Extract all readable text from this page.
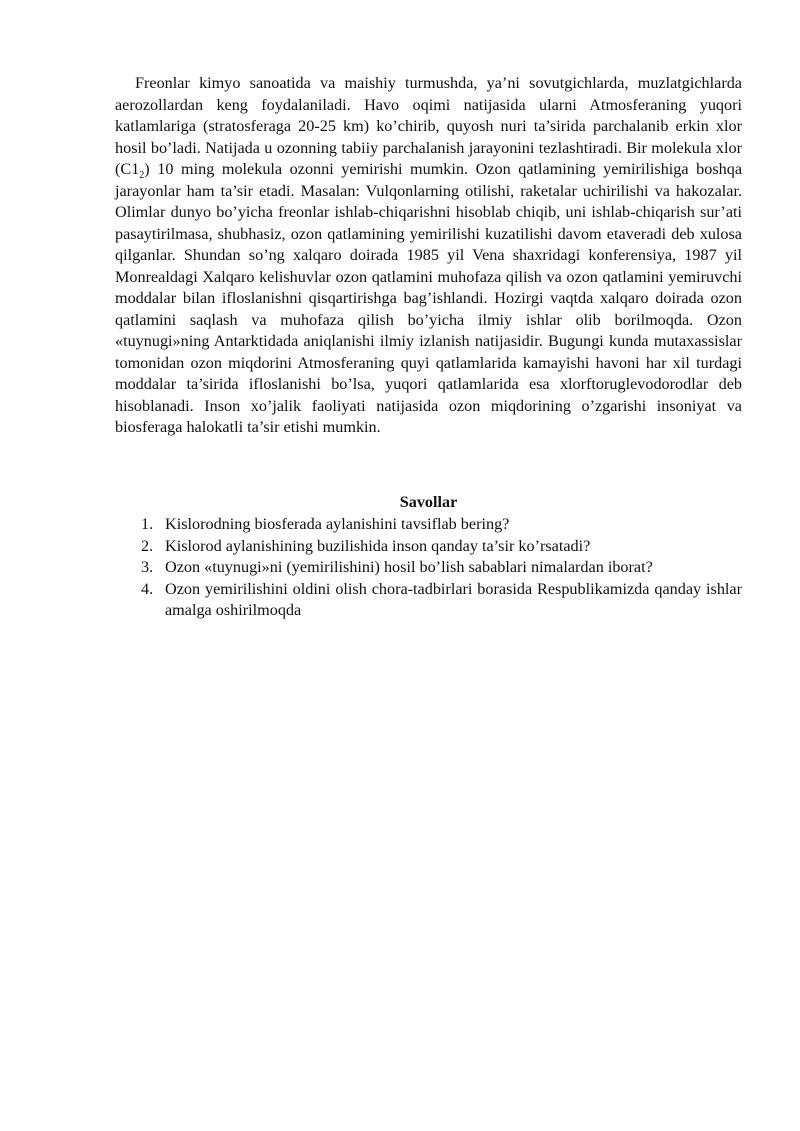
Freonlar kimyo sanoatida va maishiy turmushda, ya’ni sovutgichlarda, muzlatgichlarda aerozollardan keng foydalaniladi. Havo oqimi natijasida ularni Atmosferaning yuqori katlamlariga (stratosferaga 20-25 km) ko’chirib, quyosh nuri ta’sirida parchalanib erkin xlor hosil bo’ladi. Natijada u ozonning tabiiy parchalanish jarayonini tezlashtiradi. Bir molekula xlor $(C1_2)$ 10 ming molekula ozonni yemirishi mumkin. Ozon qatlamining yemirilishiga boshqa jarayonlar ham ta’sir etadi. Masalan: Vulqonlarning otilishi, raketalar uchirilishi va hakozalar. Olimlar dunyo bo’yicha freonlar ishlab-chiqarishni hisoblab chiqib, uni ishlab-chiqarish sur’ati pasaytirilmasa, shubhasiz, ozon qatlamining yemirilishi kuzatilishi davom etaveradi deb xulosa qilganlar. Shundan so’ng xalqaro doirada 1985 yil Vena shaxridagi konferensiya, 1987 yil Monrealdagi Xalqaro kelishuvlar ozon qatlamini muhofaza qilish va ozon qatlamini yemiruvchi moddalar bilan ifloslanishni qisqartirishga bag’ishlandi. Hozirgi vaqtda xalqaro doirada ozon qatlamini saqlash va muhofaza qilish bo’yicha ilmiy ishlar olib borilmoqda. Ozon «tuynugi»ning Antarktidada aniqlanishi ilmiy izlanish natijasidir. Bugungi kunda mutaxassislar tomonidan ozon miqdorini Atmosferaning quyi qatlamlarida kamayishi havoni har xil turdagi moddalar ta’sirida ifloslanishi bo’lsa, yuqori qatlamlarida esa xlorftoruglevodorodlar deb hisoblanadi. Inson xo’jalik faoliyati natijasida ozon miqdorining o’zgarishi insoniyat va biosferaga halokatli ta’sir etishi mumkin.

Savollar
1. Kislorodning biosferada aylanishini tavsiflab bering?
2. Kislorod aylanishining buzilishida inson qanday ta’sir ko’rsatadi?
3. Ozon «tuynugi»ni (yemirilishini) hosil bo’lish sabablari nimalardan iborat?
4. Ozon yemirilishini oldini olish chora-tadbirlari borasida Respublikamizda qanday ishlar amalga oshirilmoqda
